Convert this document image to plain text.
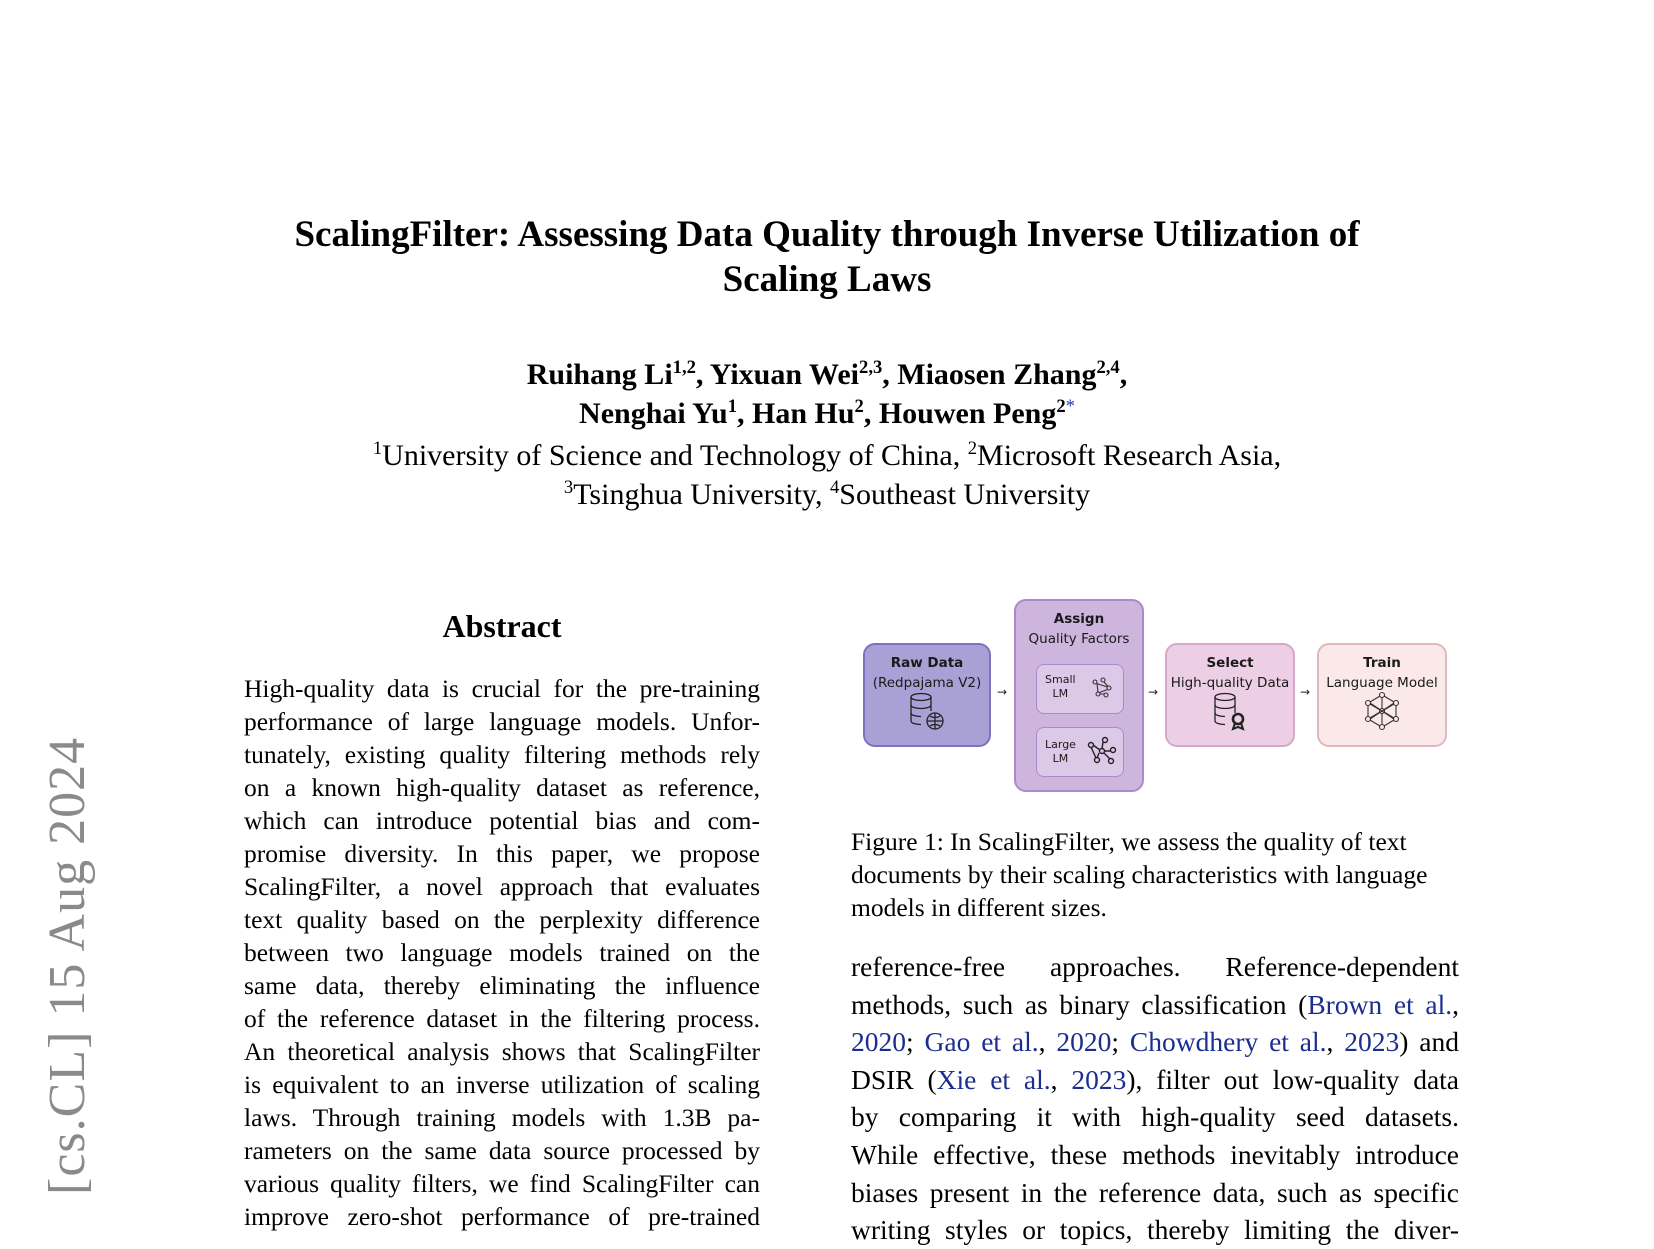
[cs.CL] 15 Aug 2024
ScalingFilter: Assessing Data Quality through Inverse Utilization of
Scaling Laws
Ruihang Li$^{1,2}$, Yixuan Wei$^{2,3}$, Miaosen Zhang$^{2,4}$,
Nenghai Yu$^1$, Han Hu$^2$, Houwen Peng$^{2*}$
$^1$University of Science and Technology of China, $^2$Microsoft Research Asia,
$^3$Tsinghua University, $^4$Southeast University
Abstract
High-quality data is crucial for the pre-training
performance of large language models. Unfor-
tunately, existing quality filtering methods rely
on a known high-quality dataset as reference,
which can introduce potential bias and com-
promise diversity. In this paper, we propose
ScalingFilter, a novel approach that evaluates
text quality based on the perplexity difference
between two language models trained on the
same data, thereby eliminating the influence
of the reference dataset in the filtering process.
An theoretical analysis shows that ScalingFilter
is equivalent to an inverse utilization of scaling
laws. Through training models with 1.3B pa-
rameters on the same data source processed by
various quality filters, we find ScalingFilter can
improve zero-shot performance of pre-trained
Raw Data
(Redpajama V2)
→
Assign
Quality Factors
Small
LM
Large
LM
→
Select
High-quality Data
→
Train
Language Model
Figure 1: In ScalingFilter, we assess the quality of text
documents by their scaling characteristics with language
models in different sizes.
reference-free approaches. Reference-dependent
methods, such as binary classification (Brown et al.,
2020; Gao et al., 2020; Chowdhery et al., 2023) and
DSIR (Xie et al., 2023), filter out low-quality data
by comparing it with high-quality seed datasets.
While effective, these methods inevitably introduce
biases present in the reference data, such as specific
writing styles or topics, thereby limiting the diver-
